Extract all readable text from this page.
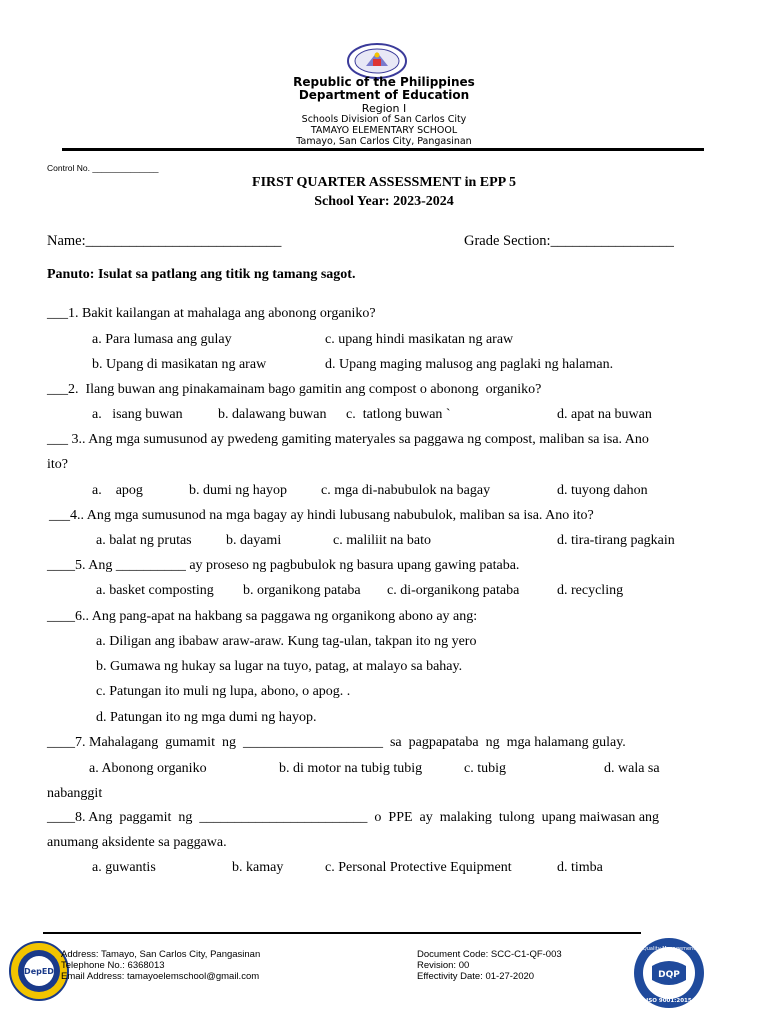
Republic of the Philippines
Department of Education
Region I
Schools Division of San Carlos City
TAMAYO ELEMENTARY SCHOOL
Tamayo, San Carlos City, Pangasinan
Control No. ______________
FIRST QUARTER ASSESSMENT in EPP 5
School Year: 2023-2024
Name:___________________________	Grade Section:_________________
Panuto: Isulat sa patlang ang titik ng tamang sagot.
___1. Bakit kailangan at mahalaga ang abonong organiko?
a. Para lumasa ang gulay	c. upang hindi masikatan ng araw
b. Upang di masikatan ng araw	d. Upang maging malusog ang paglaki ng halaman.
___2.  Ilang buwan ang pinakamainam bago gamitin ang compost o abonong  organiko?
a.   isang buwan	b. dalawang buwan c.  tatlong buwan `	d. apat na buwan
___ 3.. Ang mga sumusunod ay pwedeng gamiting materyales sa paggawa ng compost, maliban sa isa. Ano
ito?
a.    apog	b. dumi ng hayop c. mga di-nabubulok na bagay	d. tuyong dahon
___4.. Ang mga sumusunod na mga bagay ay hindi lubusang nabubulok, maliban sa isa. Ano ito?
a. balat ng prutas b. dayami	c. maliliit na bato	d. tira-tirang pagkain
____5. Ang __________ ay proseso ng pagbubulok ng basura upang gawing pataba.
a. basket composting b. organikong pataba c. di-organikong pataba	d. recycling
____6.. Ang pang-apat na hakbang sa paggawa ng organikong abono ay ang:
a. Diligan ang ibabaw araw-araw. Kung tag-ulan, takpan ito ng yero
b. Gumawa ng hukay sa lugar na tuyo, patag, at malayo sa bahay.
c. Patungan ito muli ng lupa, abono, o apog. .
d. Patungan ito ng mga dumi ng hayop.
____7. Mahalagang  gumamit  ng  ____________________  sa  pagpapataba  ng  mga halamang gulay.
a. Abonong organiko	b. di motor na tubig tubig	c. tubig	d. wala sa
nabanggit
____8. Ang  paggamit  ng  ________________________  o  PPE  ay  malaking  tulong  upang maiwasan ang
anumang aksidente sa paggawa.
a. guwantis	b. kamay	c. Personal Protective Equipment	d. timba
DepED
Address: Tamayo, San Carlos City, Pangasinan
Telephone No.: 6368013
Email Address: tamayoelemschool@gmail.com
Document Code: SCC-C1-QF-003
Revision: 00
Effectivity Date: 01-27-2020
Quality Management
DQP
ISO 9001:2015
